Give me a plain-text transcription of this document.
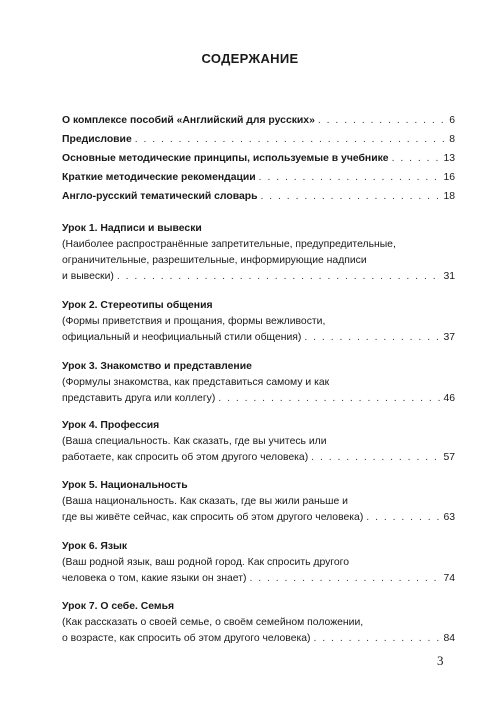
СОДЕРЖАНИЕ
О комплексе пособий «Английский для русских» . . .	6
Предисловие . . .	8
Основные методические принципы, используемые в учебнике . . .	13
Краткие методические рекомендации . . .	16
Англо-русский тематический словарь . . .	18
Урок 1. Надписи и вывески
(Наиболее распространённые запретительные, предупредительные,
ограничительные, разрешительные, информирующие надписи
и вывески) . . .	31
Урок 2. Стереотипы общения
(Формы приветствия и прощания, формы вежливости,
официальный и неофициальный стили общения) . . .	37
Урок 3. Знакомство и представление
(Формулы знакомства, как представиться самому и как
представить друга или коллегу) . . .	46
Урок 4. Профессия
(Ваша специальность. Как сказать, где вы учитесь или
работаете, как спросить об этом другого человека) . . .	57
Урок 5. Национальность
(Ваша национальность. Как сказать, где вы жили раньше и
где вы живёте сейчас, как спросить об этом другого человека) . . .	63
Урок 6. Язык
(Ваш родной язык, ваш родной город. Как спросить другого
человека о том, какие языки он знает) . . .	74
Урок 7. О себе. Семья
(Как рассказать о своей семье, о своём семейном положении,
о возрасте, как спросить об этом другого человека) . . .	84
3
